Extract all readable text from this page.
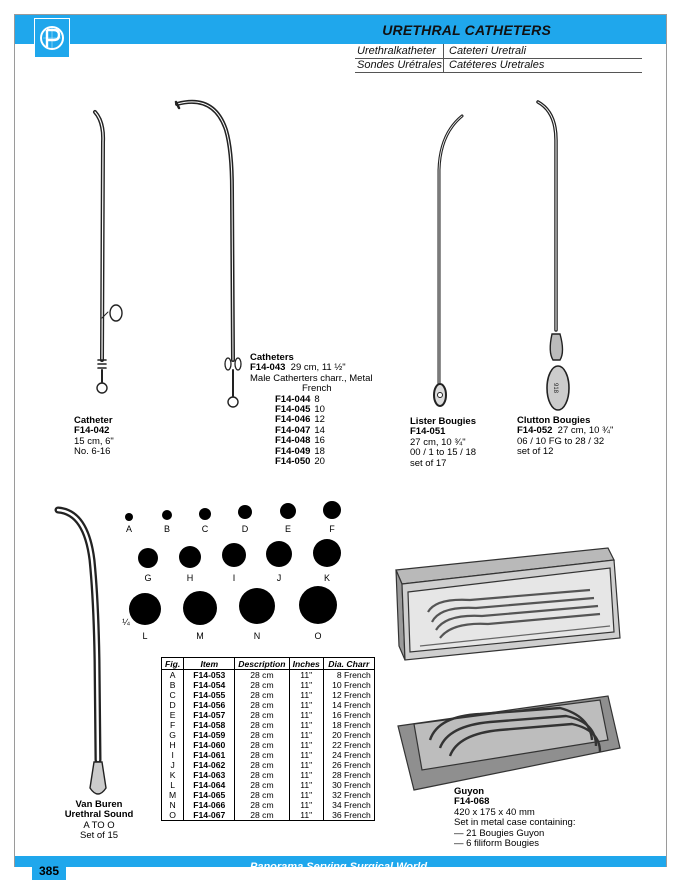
URETHRAL CATHETERS
Urethralkatheter Cateteri Uretrali
Sondes Urétrales Catéteres Uretrales
918
Catheter
F14-042
15 cm, 6"
No. 6-16
Catheters
F14-043 29 cm, 11 ½"
Male Catherters charr., Metal
French
F14-044 8
F14-045 10
F14-046 12
F14-047 14
F14-048 16
F14-049 18
F14-050 20
Lister Bougies
F14-051
27 cm, 10 ¾"
00 / 1 to 15 / 18
set of 17
Clutton Bougies
F14-052 27 cm, 10 ¾"
06 / 10 FG to 28 / 32
set of 12
Van Buren
Urethral Sound
A TO O
Set of 15
Guyon
F14-068
420 x 175 x 40 mm
Set in metal case containing:
— 21 Bougies Guyon
— 6 filiform Bougies
A	B	C	D	E	F
G	H	I	J	K
L	M	N	O
¼
Fig.	Item	Description	Inches	Dia. Charr
A	F14-053	28 cm	11"	8 French
B	F14-054	28 cm	11"	10 French
C	F14-055	28 cm	11"	12 French
D	F14-056	28 cm	11"	14 French
E	F14-057	28 cm	11"	16 French
F	F14-058	28 cm	11"	18 French
G	F14-059	28 cm	11"	20 French
H	F14-060	28 cm	11"	22 French
I	F14-061	28 cm	11"	24 French
J	F14-062	28 cm	11"	26 French
K	F14-063	28 cm	11"	28 French
L	F14-064	28 cm	11"	30 French
M	F14-065	28 cm	11"	32 French
N	F14-066	28 cm	11"	34 French
O	F14-067	28 cm	11"	36 French
385	Panorama Serving Surgical World
